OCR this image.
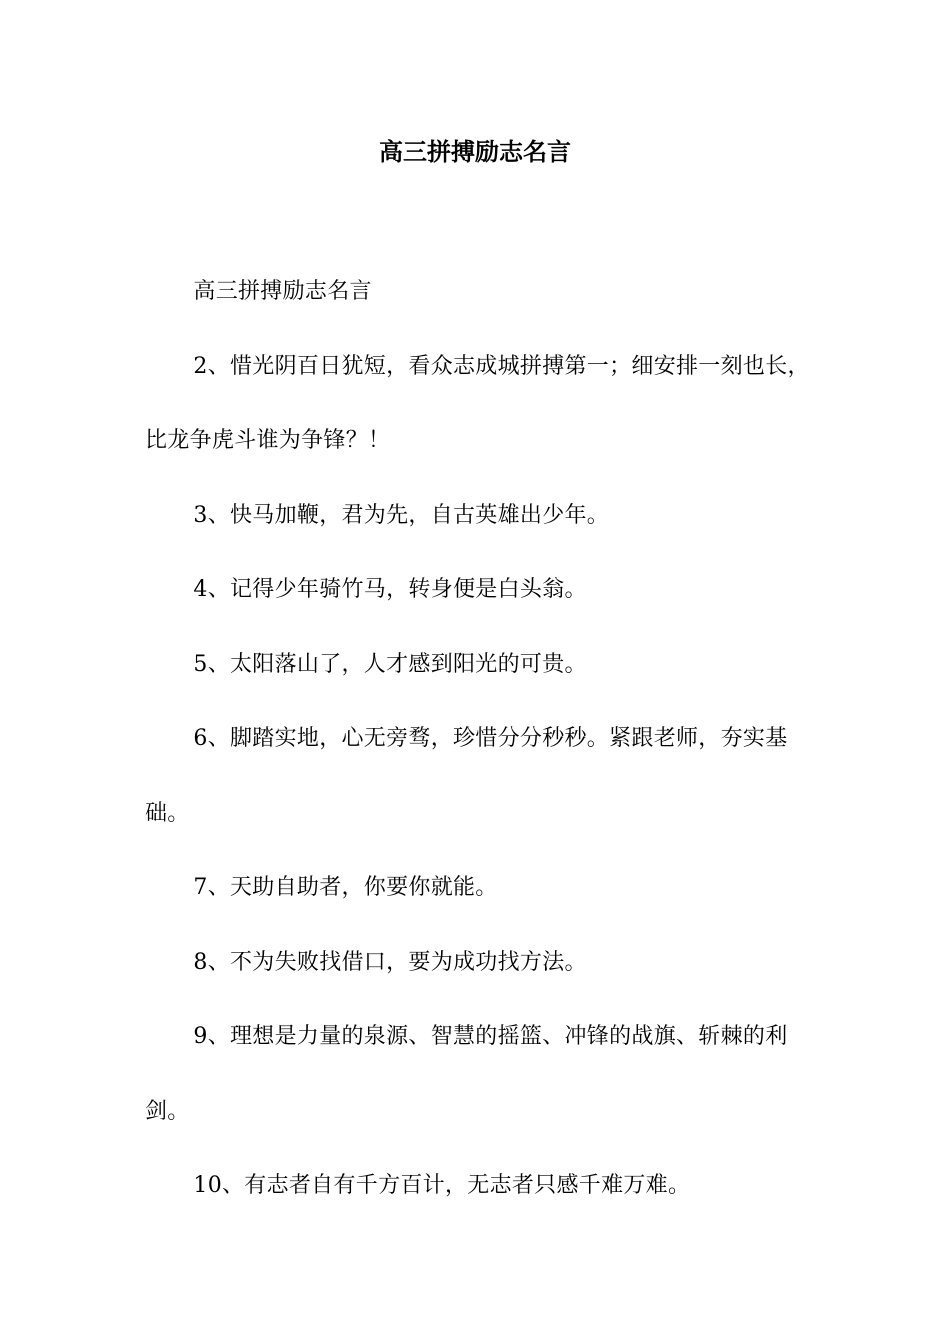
高三拼搏励志名言

高三拼搏励志名言

2、惜光阴百日犹短，看众志成城拼搏第一；细安排一刻也长，比龙争虎斗谁为争锋？！

3、快马加鞭，君为先，自古英雄出少年。

4、记得少年骑竹马，转身便是白头翁。

5、太阳落山了，人才感到阳光的可贵。

6、脚踏实地，心无旁骛，珍惜分分秒秒。紧跟老师，夯实基础。

7、天助自助者，你要你就能。

8、不为失败找借口，要为成功找方法。

9、理想是力量的泉源、智慧的摇篮、冲锋的战旗、斩棘的利剑。

10、有志者自有千方百计，无志者只感千难万难。
